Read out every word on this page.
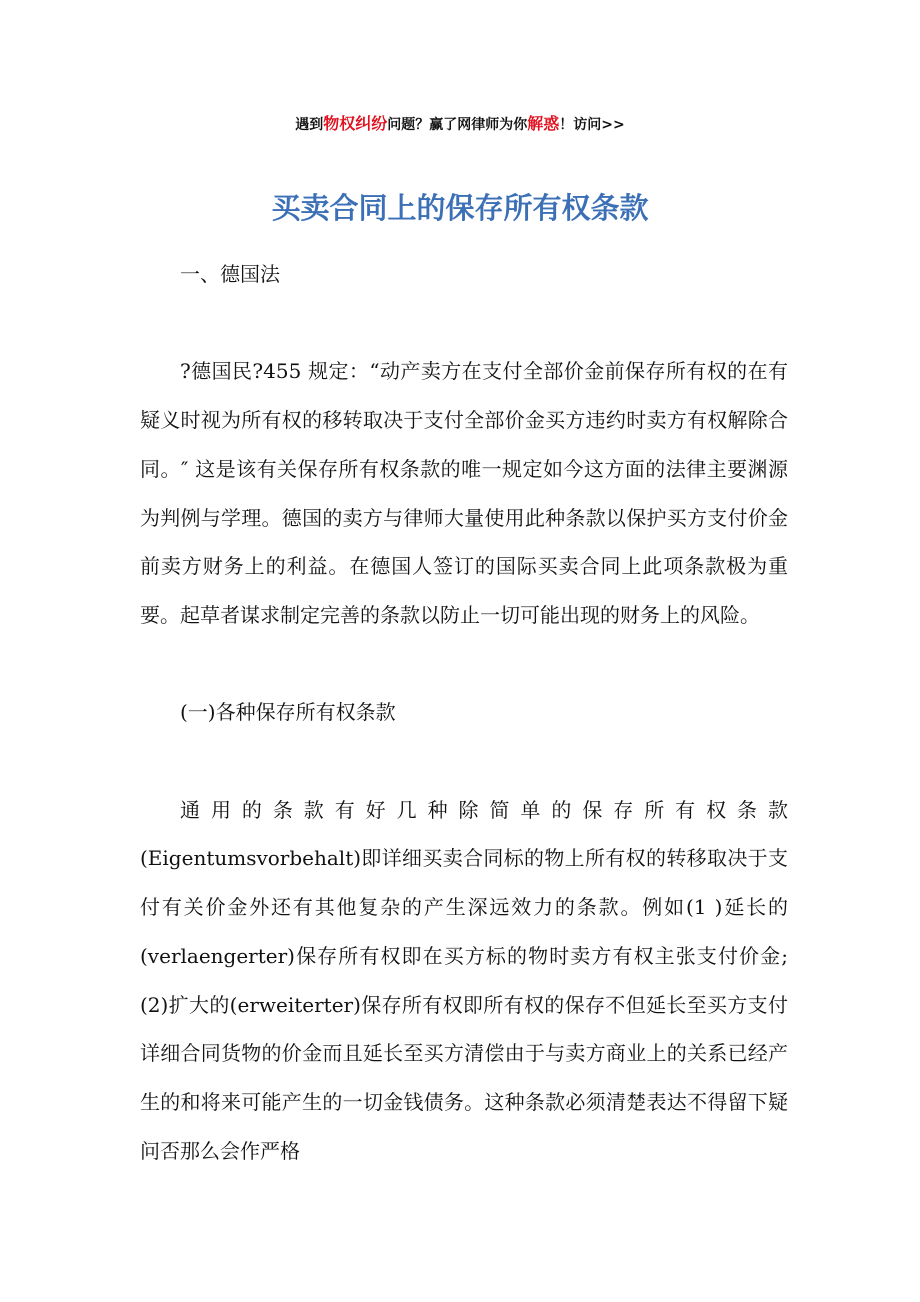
遇到物权纠纷问题？赢了网律师为你解惑！访问>>
买卖合同上的保存所有权条款

一、德国法

?德国民?455 规定：“动产卖方在支付全部价金前保存所有权的在有疑义时视为所有权的移转取决于支付全部价金买方违约时卖方有权解除合同。″ 这是该有关保存所有权条款的唯一规定如今这方面的法律主要渊源为判例与学理。德国的卖方与律师大量使用此种条款以保护买方支付价金前卖方财务上的利益。在德国人签订的国际买卖合同上此项条款极为重要。起草者谋求制定完善的条款以防止一切可能出现的财务上的风险。

(一)各种保存所有权条款

通用的条款有好几种除简单的保存所有权条款(Eigentumsvorbehalt)即详细买卖合同标的物上所有权的转移取决于支付有关价金外还有其他复杂的产生深远效力的条款。例如(1 )延长的(verlaengerter)保存所有权即在买方标的物时卖方有权主张支付价金;(2)扩大的(erweiterter)保存所有权即所有权的保存不但延长至买方支付详细合同货物的价金而且延长至买方清偿由于与卖方商业上的关系已经产生的和将来可能产生的一切金钱债务。这种条款必须清楚表达不得留下疑问否那么会作严格
